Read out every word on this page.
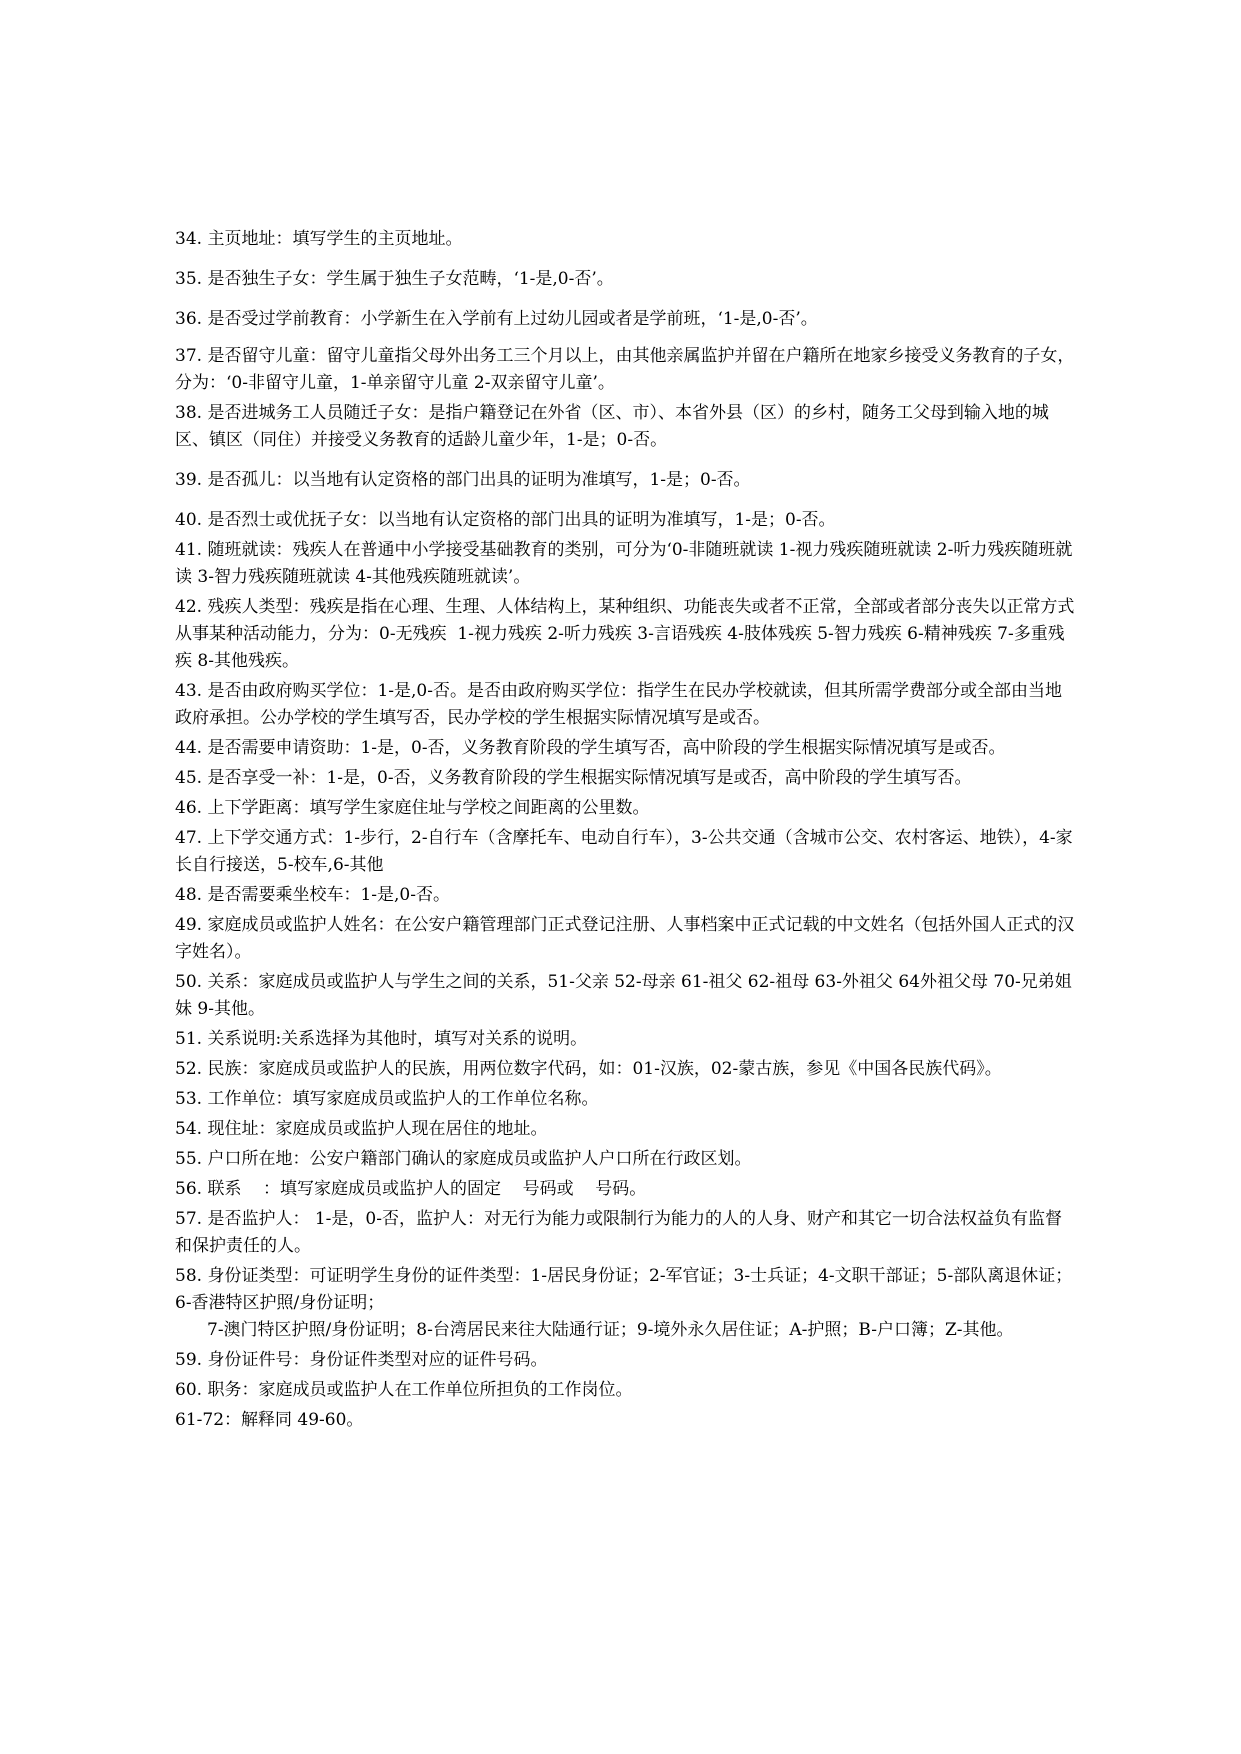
34. 主页地址：填写学生的主页地址。

35. 是否独生子女：学生属于独生子女范畴，‘1-是,0-否’。

36. 是否受过学前教育：小学新生在入学前有上过幼儿园或者是学前班，‘1-是,0-否’。

37. 是否留守儿童：留守儿童指父母外出务工三个月以上，由其他亲属监护并留在户籍所在地家乡接受义务教育的子女，分为：‘0-非留守儿童，1-单亲留守儿童 2-双亲留守儿童’。

38. 是否进城务工人员随迁子女：是指户籍登记在外省（区、市）、本省外县（区）的乡村，随务工父母到输入地的城区、镇区（同住）并接受义务教育的适龄儿童少年，1-是；0-否。

39. 是否孤儿：以当地有认定资格的部门出具的证明为准填写，1-是；0-否。

40. 是否烈士或优抚子女：以当地有认定资格的部门出具的证明为准填写，1-是；0-否。

41. 随班就读：残疾人在普通中小学接受基础教育的类别，可分为‘0-非随班就读 1-视力残疾随班就读 2-听力残疾随班就读 3-智力残疾随班就读 4-其他残疾随班就读’。

42. 残疾人类型：残疾是指在心理、生理、人体结构上，某种组织、功能丧失或者不正常，全部或者部分丧失以正常方式从事某种活动能力，分为：0-无残疾  1-视力残疾 2-听力残疾 3-言语残疾 4-肢体残疾 5-智力残疾 6-精神残疾 7-多重残疾 8-其他残疾。

43. 是否由政府购买学位：1-是,0-否。是否由政府购买学位：指学生在民办学校就读，但其所需学费部分或全部由当地政府承担。公办学校的学生填写否，民办学校的学生根据实际情况填写是或否。

44. 是否需要申请资助：1-是，0-否，义务教育阶段的学生填写否，高中阶段的学生根据实际情况填写是或否。

45. 是否享受一补：1-是，0-否，义务教育阶段的学生根据实际情况填写是或否，高中阶段的学生填写否。

46. 上下学距离：填写学生家庭住址与学校之间距离的公里数。

47. 上下学交通方式：1-步行，2-自行车（含摩托车、电动自行车），3-公共交通（含城市公交、农村客运、地铁），4-家长自行接送，5-校车,6-其他

48. 是否需要乘坐校车：1-是,0-否。

49. 家庭成员或监护人姓名：在公安户籍管理部门正式登记注册、人事档案中正式记载的中文姓名（包括外国人正式的汉字姓名）。

50. 关系：家庭成员或监护人与学生之间的关系，51-父亲 52-母亲 61-祖父 62-祖母 63-外祖父 64外祖父母 70-兄弟姐妹 9-其他。

51. 关系说明:关系选择为其他时，填写对关系的说明。

52. 民族：家庭成员或监护人的民族，用两位数字代码，如：01-汉族，02-蒙古族，参见《中国各民族代码》。

53. 工作单位：填写家庭成员或监护人的工作单位名称。

54. 现住址：家庭成员或监护人现在居住的地址。

55. 户口所在地：公安户籍部门确认的家庭成员或监护人户口所在行政区划。

56. 联系    ：填写家庭成员或监护人的固定    号码或    号码。

57. 是否监护人： 1-是，0-否，监护人：对无行为能力或限制行为能力的人的人身、财产和其它一切合法权益负有监督和保护责任的人。

58. 身份证类型：可证明学生身份的证件类型：1-居民身份证；2-军官证；3-士兵证；4-文职干部证；5-部队离退休证；6-香港特区护照/身份证明；

7-澳门特区护照/身份证明；8-台湾居民来往大陆通行证；9-境外永久居住证；A-护照；B-户口簿；Z-其他。

59. 身份证件号：身份证件类型对应的证件号码。

60. 职务：家庭成员或监护人在工作单位所担负的工作岗位。

61-72：解释同 49-60。
